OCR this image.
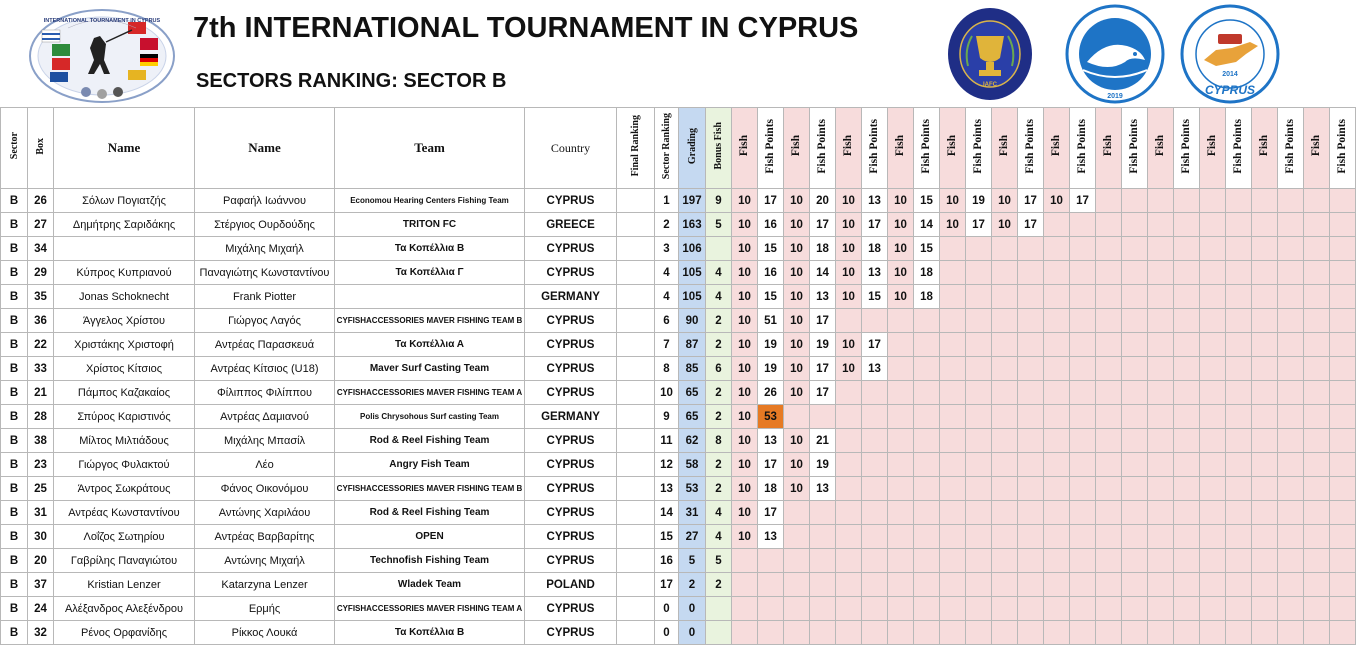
INTERNATIONAL TOURNAMENT IN CYPRUS 7th INTERNATIONAL TOURNAMENT IN CYPRUS
SECTORS RANKING: SECTOR B	IAFC
2019
2014
CYPRUS
Sector	Box	Name	Name	Team	Country	Final Ranking	Sector Ranking	Grading	Bonus Fish	Fish	Fish Points	Fish	Fish Points	Fish	Fish Points	Fish	Fish Points	Fish	Fish Points	Fish	Fish Points	Fish	Fish Points	Fish	Fish Points	Fish	Fish Points	Fish	Fish Points	Fish	Fish Points	Fish	Fish Points
B	26	Σόλων Πογιατζής	Ραφαήλ Ιωάννου	Economou Hearing Centers Fishing Team	CYPRUS		1	197	9	10	17	10	20	10	13	10	15	10	19	10	17	10	17										
B	27	Δημήτρης Σαριδάκης	Στέργιος Ουρδούδης	TRITON FC	GREECE		2	163	5	10	16	10	17	10	17	10	14	10	17	10	17												
B	34		Μιχάλης Μιχαήλ	Τα Κοπέλλια Β	CYPRUS		3	106		10	15	10	18	10	18	10	15																
B	29	Κύπρος Κυπριανού	Παναγιώτης Κωνσταντίνου	Τα Κοπέλλια Γ	CYPRUS		4	105	4	10	16	10	14	10	13	10	18																
B	35	Jonas Schoknecht	Frank Piotter		GERMANY		4	105	4	10	15	10	13	10	15	10	18																
B	36	Άγγελος Χρίστου	Γιώργος Λαγός	CYFISHACCESSORIES MAVER FISHING TEAM B	CYPRUS		6	90	2	10	51	10	17																				
B	22	Χριστάκης Χριστοφή	Αντρέας Παρασκευά	Τα Κοπέλλια Α	CYPRUS		7	87	2	10	19	10	19	10	17																		
B	33	Χρίστος Κίτσιος	Αντρέας Κίτσιος (U18)	Maver Surf Casting Team	CYPRUS		8	85	6	10	19	10	17	10	13																		
B	21	Πάμπος Καζακαίος	Φίλιππος Φιλίππου	CYFISHACCESSORIES MAVER FISHING TEAM A	CYPRUS		10	65	2	10	26	10	17																				
B	28	Σπύρος Καριστινός	Αντρέας Δαμιανού	Polis Chrysohous Surf casting Team	GERMANY		9	65	2	10	53																						
B	38	Μίλτος Μιλτιάδους	Μιχάλης Μπασίλ	Rod & Reel Fishing Team	CYPRUS		11	62	8	10	13	10	21																				
B	23	Γιώργος Φυλακτού	Λέο	Angry Fish Team	CYPRUS		12	58	2	10	17	10	19																				
B	25	Άντρος Σωκράτους	Φάνος Οικονόμου	CYFISHACCESSORIES MAVER FISHING TEAM B	CYPRUS		13	53	2	10	18	10	13																				
B	31	Αντρέας Κωνσταντίνου	Αντώνης Χαριλάου	Rod & Reel Fishing Team	CYPRUS		14	31	4	10	17																						
B	30	Λοΐζος Σωτηρίου	Αντρέας Βαρβαρίτης	OPEN	CYPRUS		15	27	4	10	13																						
B	20	Γαβρίλης Παναγιώτου	Αντώνης Μιχαήλ	Technofish Fishing Team	CYPRUS		16	5	5																								
B	37	Kristian Lenzer	Katarzyna Lenzer	Wladek Team	POLAND		17	2	2																								
B	24	Αλέξανδρος Αλεξένδρου	Ερμής	CYFISHACCESSORIES MAVER FISHING TEAM A	CYPRUS		0	0																									
B	32	Ρένος Ορφανίδης	Ρίκκος Λουκά	Τα Κοπέλλια Β	CYPRUS		0	0																									
